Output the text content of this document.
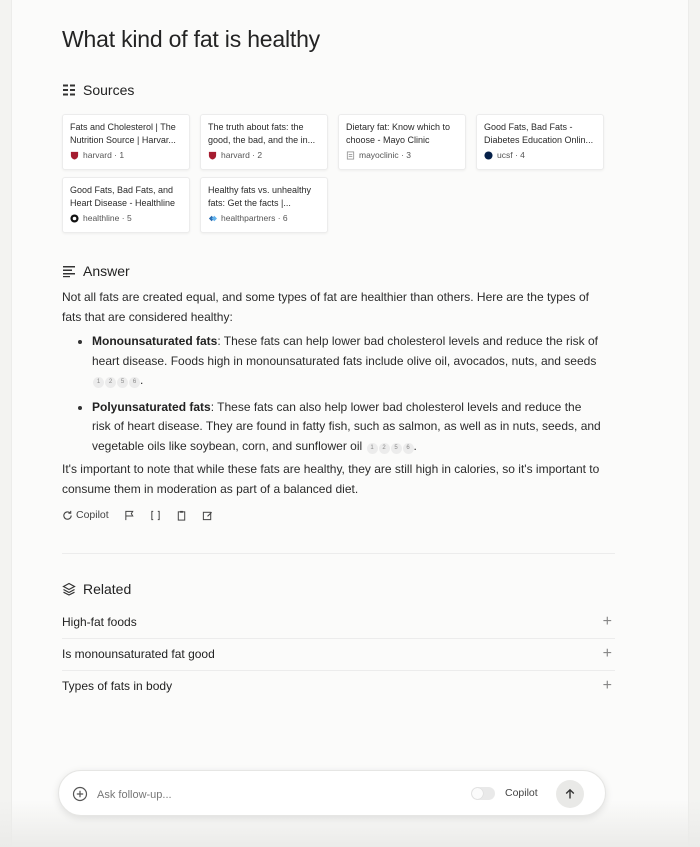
What kind of fat is healthy
Sources
Fats and Cholesterol | The Nutrition Source | Harvar...
harvard · 1
The truth about fats: the good, the bad, and the in...
harvard · 2
Dietary fat: Know which to choose - Mayo Clinic
mayoclinic · 3
Good Fats, Bad Fats - Diabetes Education Onlin...
ucsf · 4
Good Fats, Bad Fats, and Heart Disease - Healthline
healthline · 5
Healthy fats vs. unhealthy fats: Get the facts |...
healthpartners · 6
Answer
Not all fats are created equal, and some types of fat are healthier than others. Here are the types of fats that are considered healthy:
Monounsaturated fats: These fats can help lower bad cholesterol levels and reduce the risk of heart disease. Foods high in monounsaturated fats include olive oil, avocados, nuts, and seeds 1 2 5 6 .
Polyunsaturated fats: These fats can also help lower bad cholesterol levels and reduce the risk of heart disease. They are found in fatty fish, such as salmon, as well as in nuts, seeds, and vegetable oils like soybean, corn, and sunflower oil 1 2 5 6 .
It's important to note that while these fats are healthy, they are still high in calories, so it's important to consume them in moderation as part of a balanced diet.
Copilot
Related
High-fat foods	+
Is monounsaturated fat good	+
Types of fats in body	+
Ask follow-up...
Copilot
